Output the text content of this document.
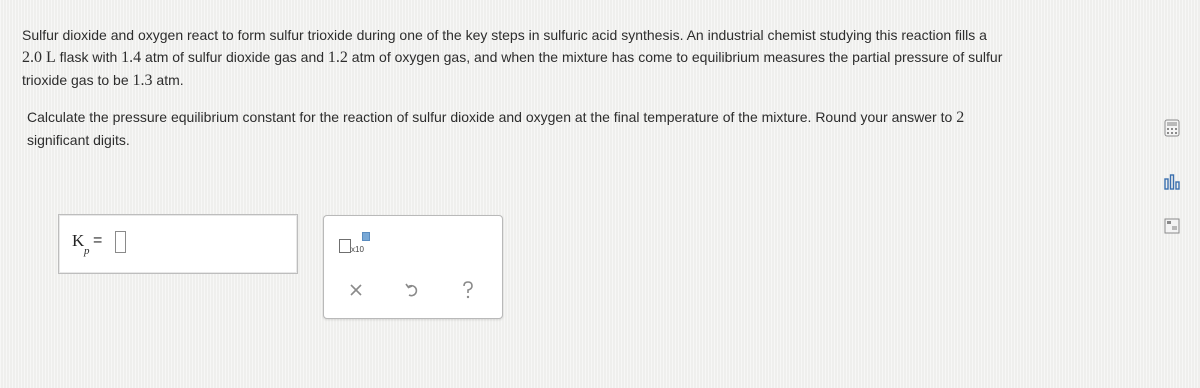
Sulfur dioxide and oxygen react to form sulfur trioxide during one of the key steps in sulfuric acid synthesis. An industrial chemist studying this reaction fills a
2.0 L flask with 1.4 atm of sulfur dioxide gas and 1.2 atm of oxygen gas, and when the mixture has come to equilibrium measures the partial pressure of sulfur
trioxide gas to be 1.3 atm.

Calculate the pressure equilibrium constant for the reaction of sulfur dioxide and oxygen at the final temperature of the mixture. Round your answer to 2
significant digits.

K
p
=
x10
